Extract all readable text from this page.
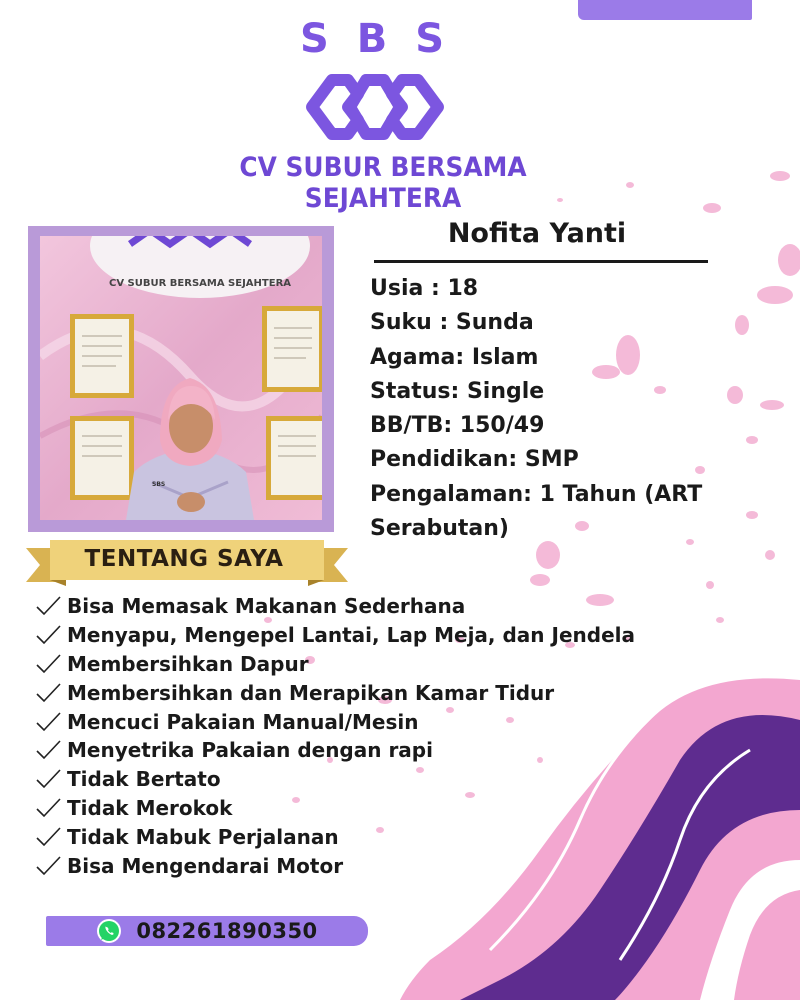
S B S
CV SUBUR BERSAMA SEJAHTERA
CV SUBUR BERSAMA SEJAHTERA
SBS
Nofita Yanti
Usia : 18
Suku : Sunda
Agama: Islam
Status: Single
BB/TB: 150/49
Pendidikan: SMP
Pengalaman: 1 Tahun (ART
Serabutan)
TENTANG SAYA
Bisa Memasak Makanan Sederhana
Menyapu, Mengepel Lantai, Lap Meja, dan Jendela
Membersihkan Dapur
Membersihkan dan Merapikan Kamar Tidur
Mencuci Pakaian Manual/Mesin
Menyetrika Pakaian dengan rapi
Tidak Bertato
Tidak Merokok
Tidak Mabuk Perjalanan
Bisa Mengendarai Motor
082261890350
